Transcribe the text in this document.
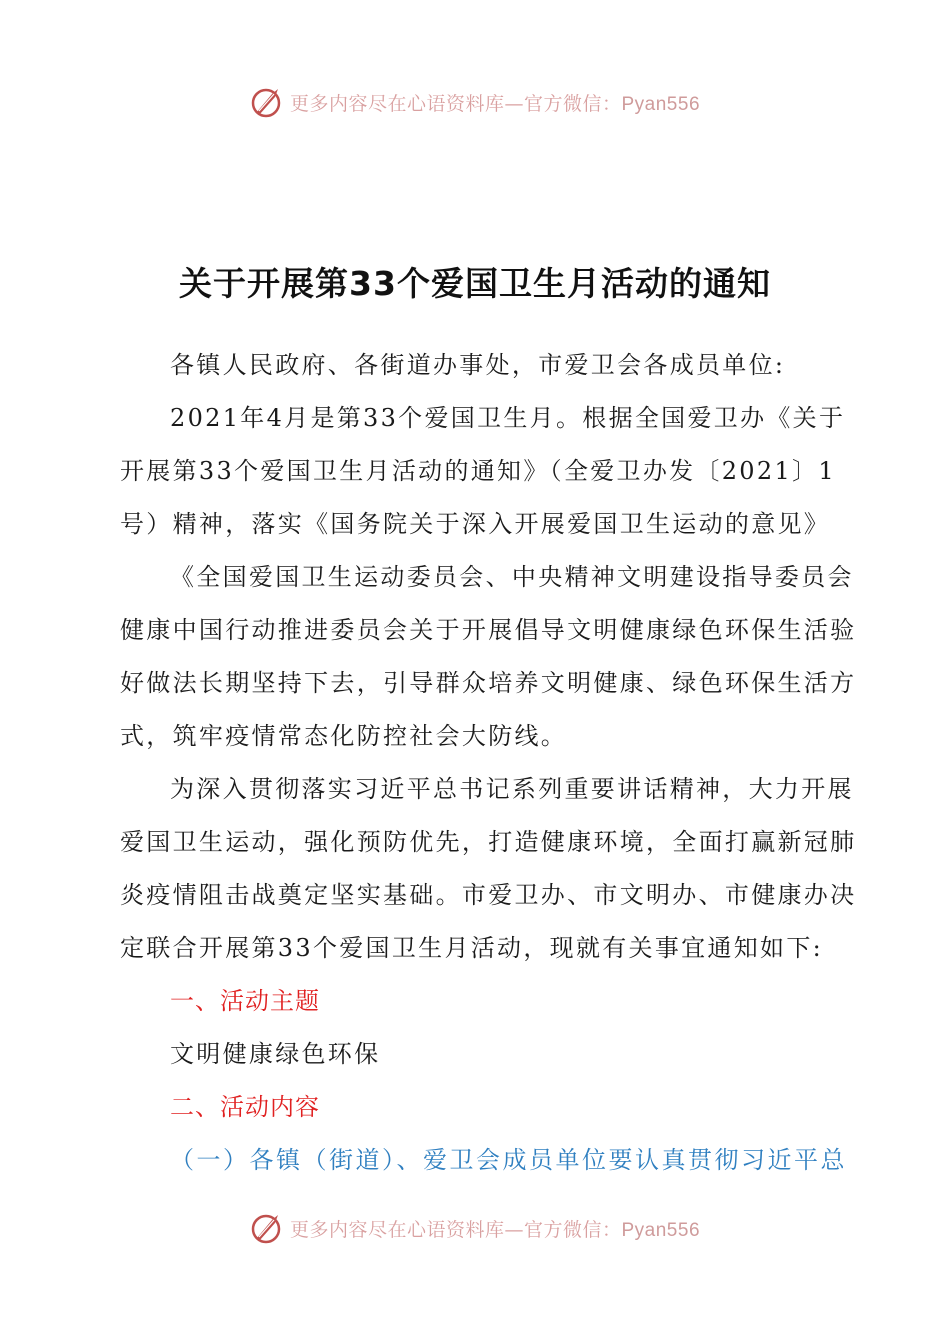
更多内容尽在心语资料库—官方微信：Pyan556
关于开展第33个爱国卫生月活动的通知

各镇人民政府、各街道办事处，市爱卫会各成员单位:

2021年4月是第33个爱国卫生月。根据全国爱卫办《关于

开展第33个爱国卫生月活动的通知》（全爱卫办发〔2021〕1

号）精神，落实《国务院关于深入开展爱国卫生运动的意见》

《全国爱国卫生运动委员会、中央精神文明建设指导委员会

健康中国行动推进委员会关于开展倡导文明健康绿色环保生活验

好做法长期坚持下去，引导群众培养文明健康、绿色环保生活方

式，筑牢疫情常态化防控社会大防线。

为深入贯彻落实习近平总书记系列重要讲话精神，大力开展

爱国卫生运动，强化预防优先，打造健康环境，全面打赢新冠肺

炎疫情阻击战奠定坚实基础。市爱卫办、市文明办、市健康办决

定联合开展第33个爱国卫生月活动，现就有关事宜通知如下:

一、活动主题

文明健康绿色环保

二、活动内容
（一）各镇（街道）、爱卫会成员单位要认真贯彻习近平总
更多内容尽在心语资料库—官方微信：Pyan556
